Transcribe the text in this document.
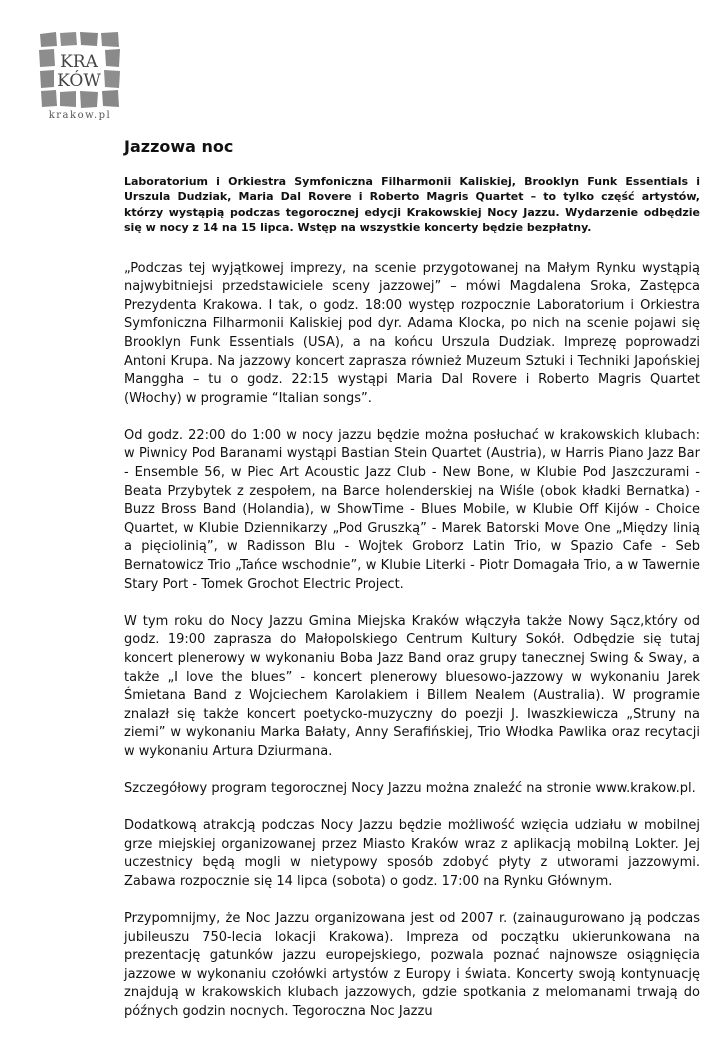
KRA
KÓW
krakow.pl
Jazzowa noc

Laboratorium i Orkiestra Symfoniczna Filharmonii Kaliskiej, Brooklyn Funk Essentials i Urszula Dudziak, Maria Dal Rovere i Roberto Magris Quartet – to tylko część artystów, którzy wystąpią podczas tegorocznej edycji Krakowskiej Nocy Jazzu. Wydarzenie odbędzie się w nocy z 14 na 15 lipca. Wstęp na wszystkie koncerty będzie bezpłatny.

„Podczas tej wyjątkowej imprezy, na scenie przygotowanej na Małym Rynku wystąpią najwybitniejsi przedstawiciele sceny jazzowej” – mówi Magdalena Sroka, Zastępca Prezydenta Krakowa. I tak, o godz. 18:00 występ rozpocznie Laboratorium i Orkiestra Symfoniczna Filharmonii Kaliskiej pod dyr. Adama Klocka, po nich na scenie pojawi się Brooklyn Funk Essentials (USA), a na końcu Urszula Dudziak. Imprezę poprowadzi Antoni Krupa. Na jazzowy koncert zaprasza również Muzeum Sztuki i Techniki Japońskiej Manggha – tu o godz. 22:15 wystąpi Maria Dal Rovere i Roberto Magris Quartet (Włochy) w programie “Italian songs”.

Od godz. 22:00 do 1:00 w nocy jazzu będzie można posłuchać w krakowskich klubach: w Piwnicy Pod Baranami wystąpi Bastian Stein Quartet (Austria), w Harris Piano Jazz Bar - Ensemble 56, w Piec Art Acoustic Jazz Club - New Bone, w Klubie Pod Jaszczurami - Beata Przybytek z zespołem, na Barce holenderskiej na Wiśle (obok kładki Bernatka) - Buzz Bross Band (Holandia), w ShowTime - Blues Mobile, w Klubie Off Kijów - Choice Quartet, w Klubie Dziennikarzy „Pod Gruszką” - Marek Batorski Move One „Między linią a pięciolinią”, w Radisson Blu - Wojtek Groborz Latin Trio, w Spazio Cafe - Seb Bernatowicz Trio „Tańce wschodnie”, w Klubie Literki - Piotr Domagała Trio, a w Tawernie Stary Port - Tomek Grochot Electric Project.

W tym roku do Nocy Jazzu Gmina Miejska Kraków włączyła także Nowy Sącz,który od godz. 19:00 zaprasza do Małopolskiego Centrum Kultury Sokół. Odbędzie się tutaj koncert plenerowy w wykonaniu Boba Jazz Band oraz grupy tanecznej Swing & Sway, a także „I love the blues” - koncert plenerowy bluesowo-jazzowy w wykonaniu Jarek Śmietana Band z Wojciechem Karolakiem i Billem Nealem (Australia). W programie znalazł się także koncert poetycko-muzyczny do poezji J. Iwaszkiewicza „Struny na ziemi” w wykonaniu Marka Bałaty, Anny Serafińskiej, Trio Włodka Pawlika oraz recytacji w wykonaniu Artura Dziurmana.

Szczegółowy program tegorocznej Nocy Jazzu można znaleźć na stronie www.krakow.pl.

Dodatkową atrakcją podczas Nocy Jazzu będzie możliwość wzięcia udziału w mobilnej grze miejskiej organizowanej przez Miasto Kraków wraz z aplikacją mobilną Lokter. Jej uczestnicy będą mogli w nietypowy sposób zdobyć płyty z utworami jazzowymi. Zabawa rozpocznie się 14 lipca (sobota) o godz. 17:00 na Rynku Głównym.

Przypomnijmy, że Noc Jazzu organizowana jest od 2007 r. (zainaugurowano ją podczas jubileuszu 750-lecia lokacji Krakowa). Impreza od początku ukierunkowana na prezentację gatunków jazzu europejskiego, pozwala poznać najnowsze osiągnięcia jazzowe w wykonaniu czołówki artystów z Europy i świata. Koncerty swoją kontynuację znajdują w krakowskich klubach jazzowych, gdzie spotkania z melomanami trwają do późnych godzin nocnych. Tegoroczna Noc Jazzu
